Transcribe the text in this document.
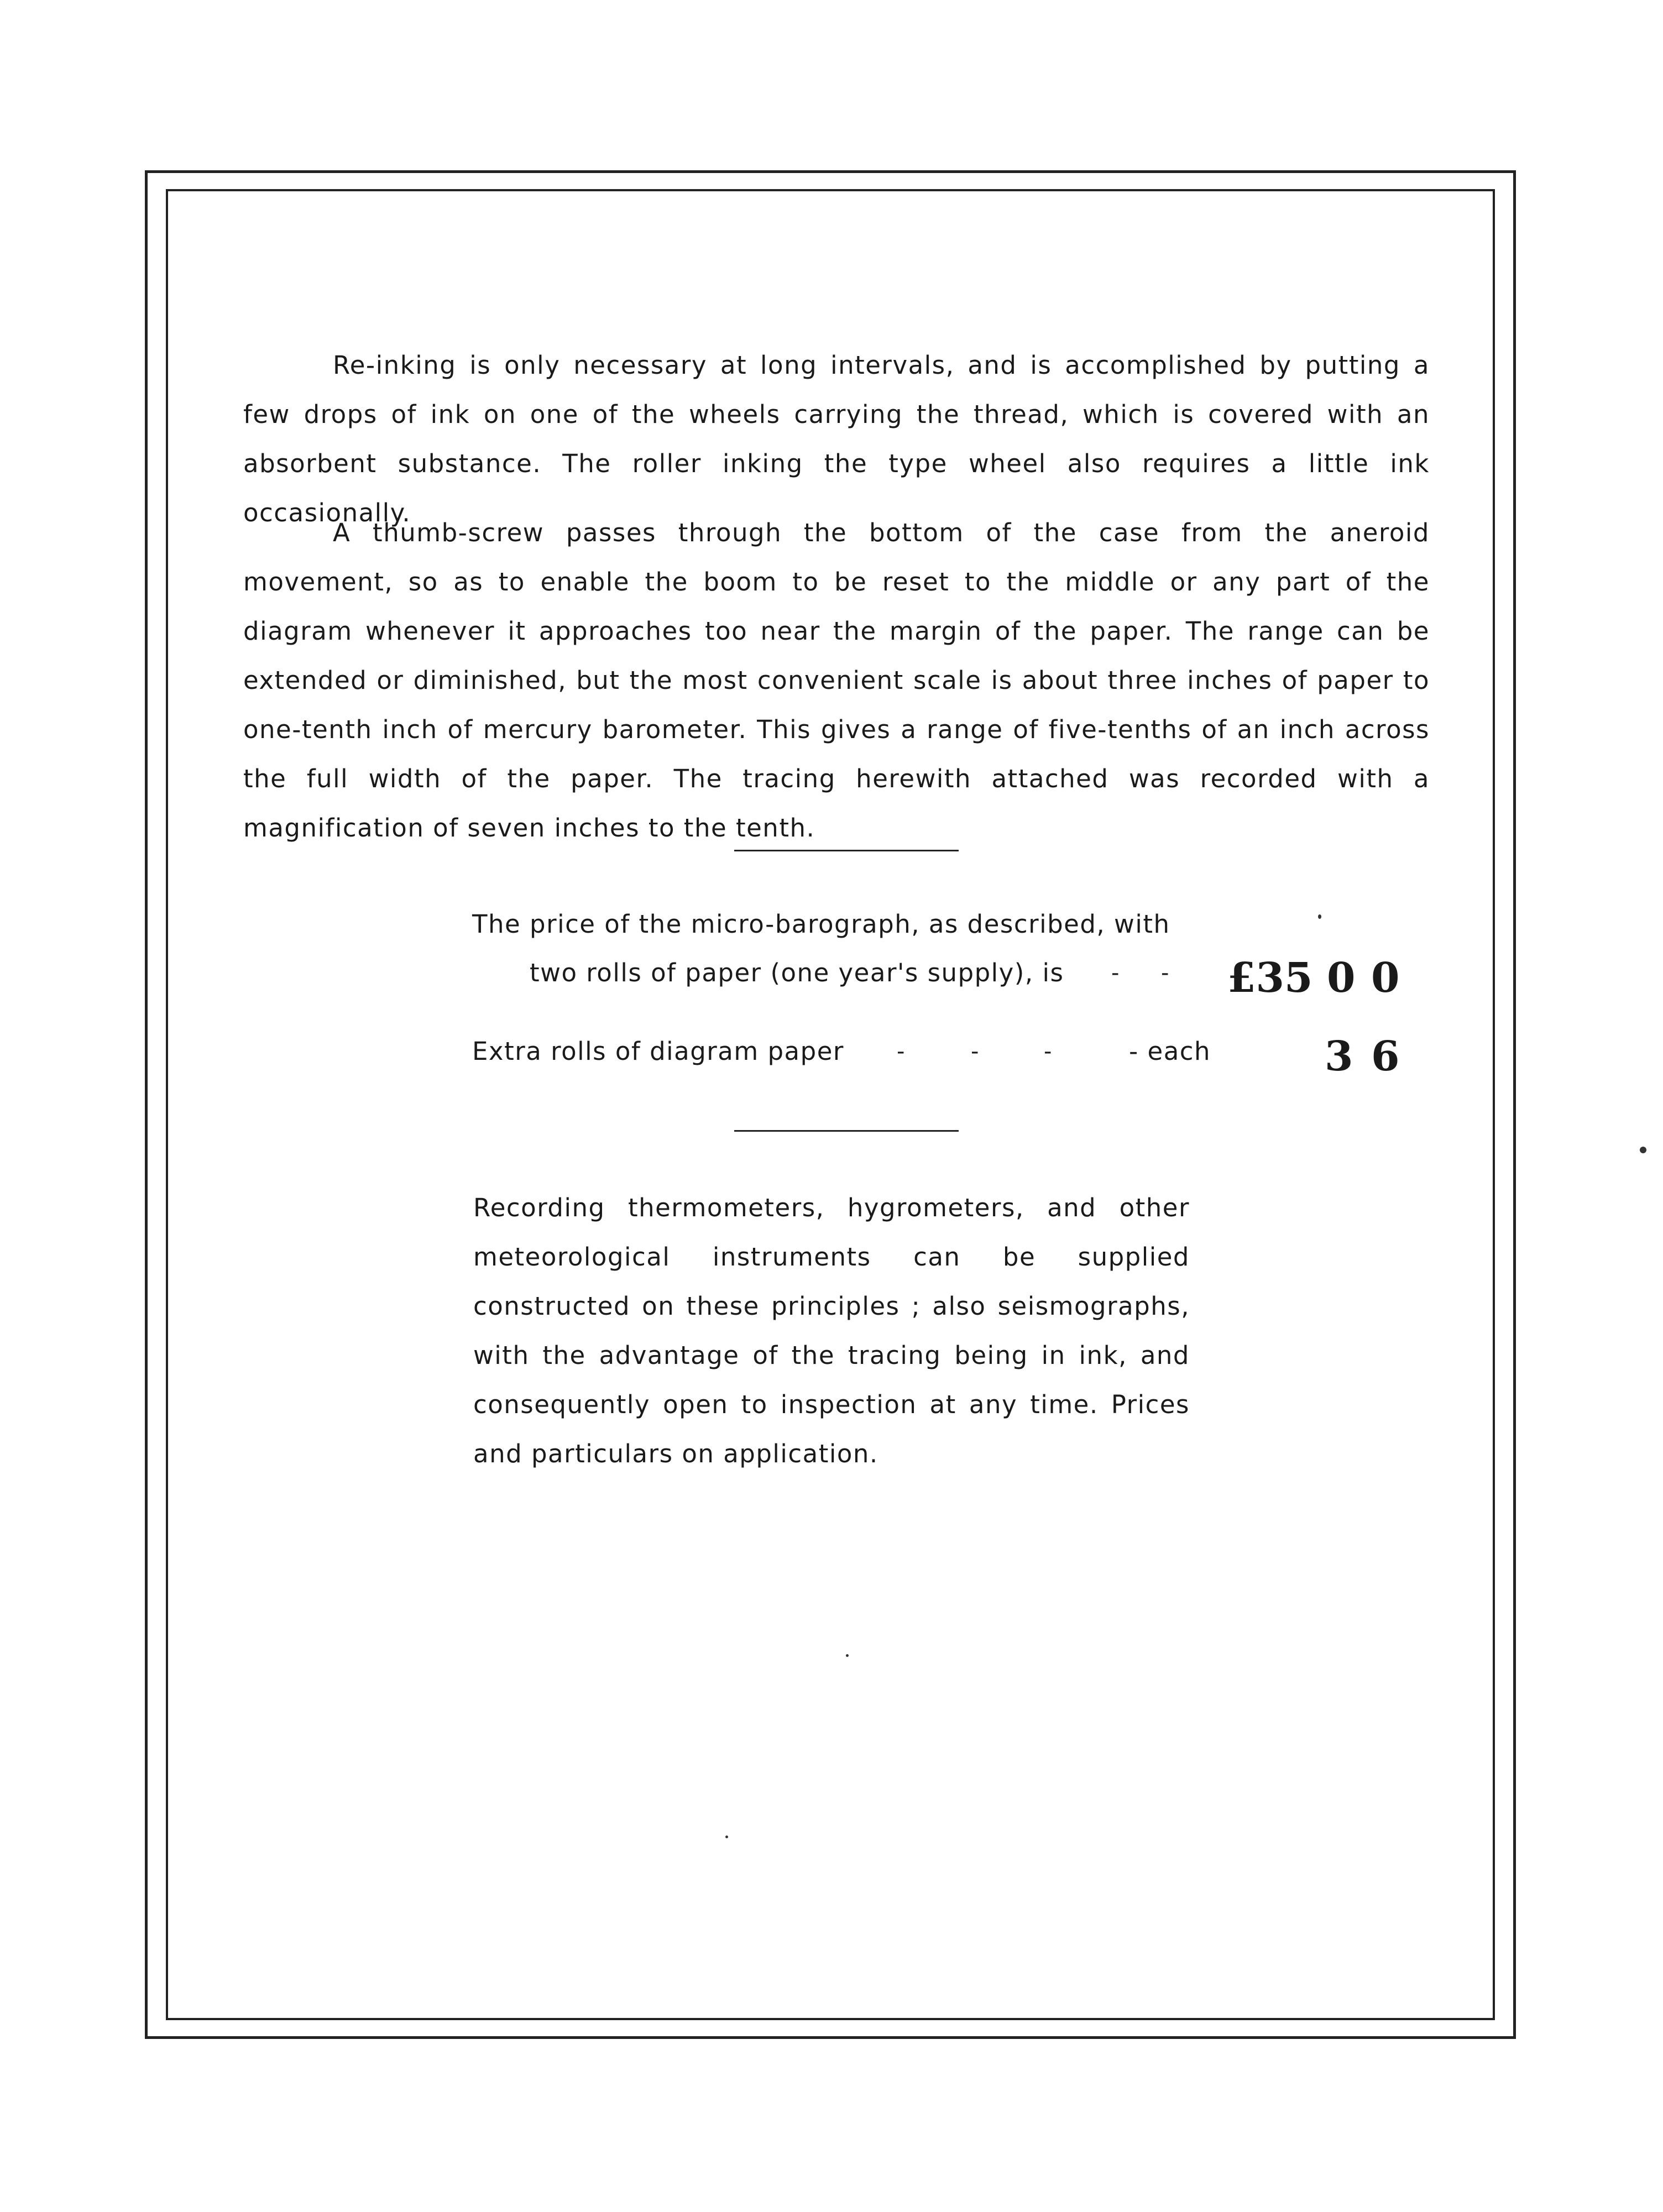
Re-inking is only necessary at long intervals, and is accomplished by putting a few drops of ink on one of the wheels carrying the thread, which is covered with an absorbent substance. The roller inking the type wheel also requires a little ink occasionally.

A thumb-screw passes through the bottom of the case from the aneroid movement, so as to enable the boom to be reset to the middle or any part of the diagram whenever it approaches too near the margin of the paper. The range can be extended or diminished, but the most convenient scale is about three inches of paper to one-tenth inch of mercury barometer. This gives a range of five-tenths of an inch across the full width of the paper. The tracing herewith attached was recorded with a magnification of seven inches to the tenth.

The price of the micro-barograph, as described, with
two rolls of paper (one year's supply), is - - £35 0 0
Extra rolls of diagram paper -	-	-	- each	3 6

Recording thermometers, hygrometers, and other meteorological instruments can be supplied constructed on these principles ; also seismographs, with the advantage of the tracing being in ink, and consequently open to inspection at any time. Prices and particulars on application.
